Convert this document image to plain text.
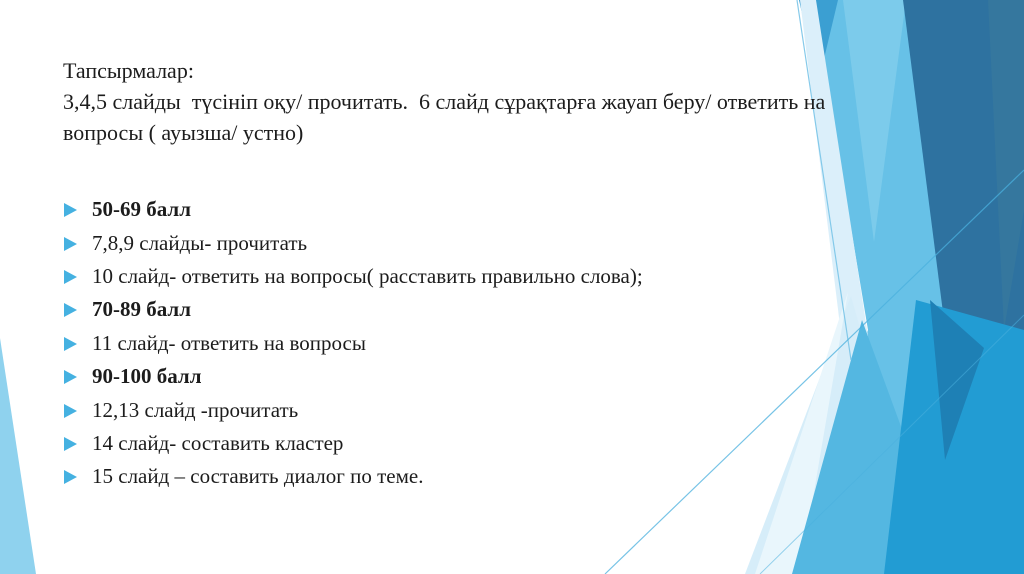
Тапсырмалар:
3,4,5 слайды  түсініп оқу/ прочитать.  6 слайд сұрақтарға жауап беру/ ответить на вопросы ( ауызша/ устно)
50-69 балл
7,8,9 слайды- прочитать
10 слайд- ответить на вопросы( расставить правильно слова);
70-89 балл
11 слайд- ответить на вопросы
90-100 балл
12,13 слайд -прочитать
14 слайд- составить кластер
15 слайд – составить диалог по теме.
